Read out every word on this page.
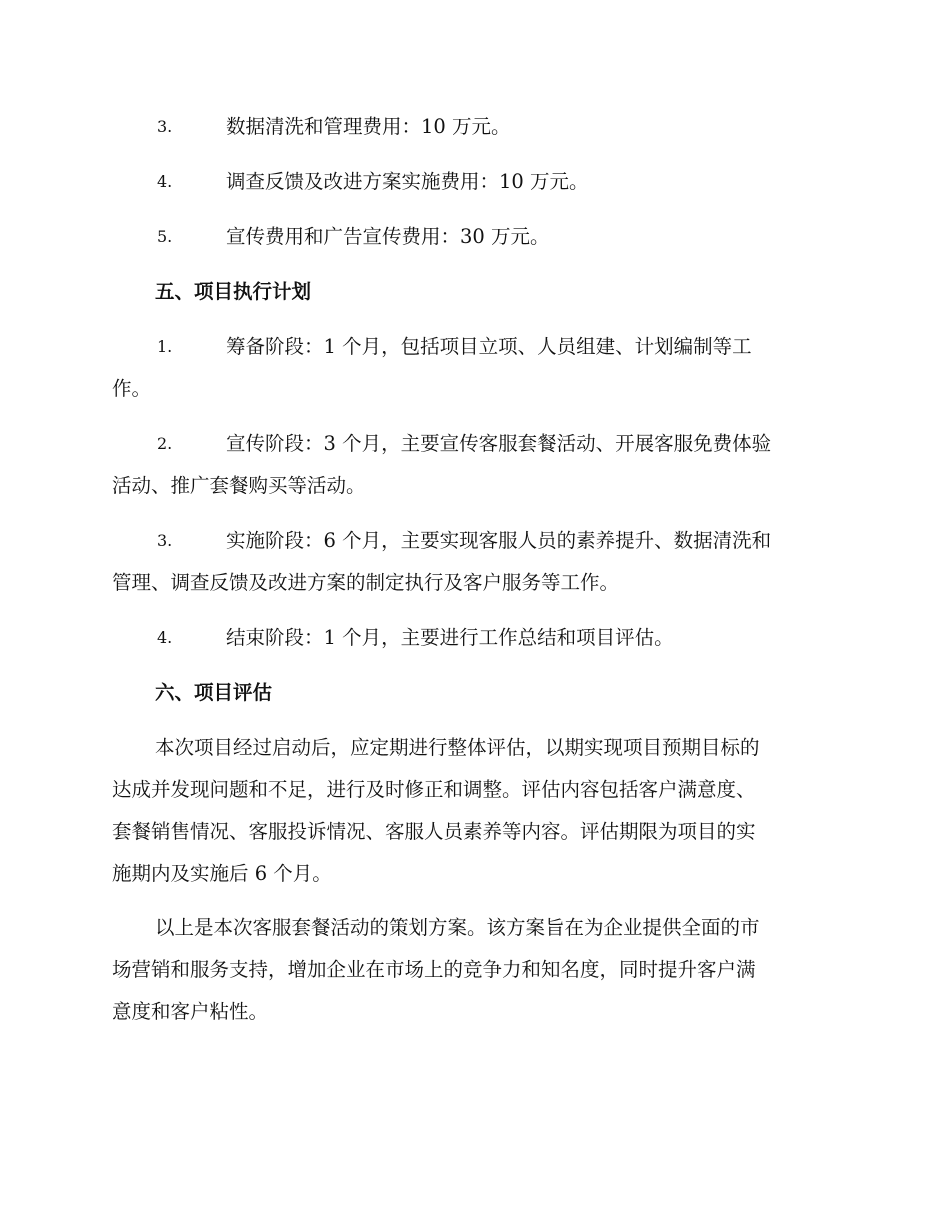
3.	数据清洗和管理费用：10 万元。
4.	调查反馈及改进方案实施费用：10 万元。
5.	宣传费用和广告宣传费用：30 万元。
五、项目执行计划
1.	筹备阶段：1 个月，包括项目立项、人员组建、计划编制等工
作。
2.	宣传阶段：3 个月，主要宣传客服套餐活动、开展客服免费体验
活动、推广套餐购买等活动。
3.	实施阶段：6 个月，主要实现客服人员的素养提升、数据清洗和
管理、调查反馈及改进方案的制定执行及客户服务等工作。
4.	结束阶段：1 个月，主要进行工作总结和项目评估。
六、项目评估
本次项目经过启动后，应定期进行整体评估，以期实现项目预期目标的
达成并发现问题和不足，进行及时修正和调整。评估内容包括客户满意度、
套餐销售情况、客服投诉情况、客服人员素养等内容。评估期限为项目的实
施期内及实施后 6 个月。
以上是本次客服套餐活动的策划方案。该方案旨在为企业提供全面的市
场营销和服务支持，增加企业在市场上的竞争力和知名度，同时提升客户满
意度和客户粘性。
